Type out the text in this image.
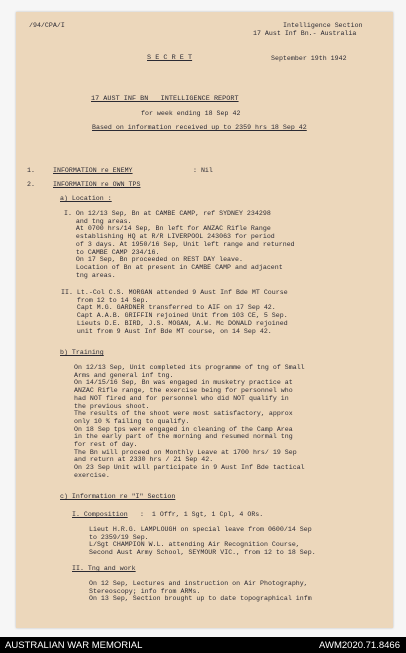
/94/CPA/I	Intelligence Section
17 Aust Inf Bn.- Australia
S E C R E T	September 19th 1942
17 AUST INF BN   INTELLIGENCE REPORT
for week ending 18 Sep 42
Based on information received up to 2359 hrs 18 Sep 42
1.	INFORMATION re ENEMY	: Nil
2.	INFORMATION re OWN TPS
a) Location :
I. On 12/13 Sep, Bn at CAMBE CAMP, ref SYDNEY 234298
and tng areas.
At 0700 hrs/14 Sep, Bn left for ANZAC Rifle Range
establishing HQ at R/R LIVERPOOL 243063 for period
of 3 days. At 1950/16 Sep, Unit left range and returned
to CAMBE CAMP 234/16.
On 17 Sep, Bn proceeded on REST DAY leave.
Location of Bn at present in CAMBE CAMP and adjacent
tng areas.
II. Lt.-Col C.S. MORGAN attended 9 Aust Inf Bde MT Course
from 12 to 14 Sep.
Capt M.G. GARDNER transferred to AIF on 17 Sep 42.
Capt A.A.B. GRIFFIN rejoined Unit from 103 CE, 5 Sep.
Lieuts D.E. BIRD, J.S. MOGAN, A.W. Mc DONALD rejoined
unit from 9 Aust Inf Bde MT course, on 14 Sep 42.
b) Training
On 12/13 Sep, Unit completed its programme of tng of Small
Arms and general inf tng.
On 14/15/16 Sep, Bn was engaged in musketry practice at
ANZAC Rifle range, the exercise being for personnel who
had NOT fired and for personnel who did NOT qualify in
the previous shoot.
The results of the shoot were most satisfactory, approx
only 10 % failing to qualify.
On 18 Sep tps were engaged in cleaning of the Camp Area
in the early part of the morning and resumed normal tng
for rest of day.
The Bn will proceed on Monthly Leave at 1700 hrs/ 19 Sep
and return at 2330 hrs / 21 Sep 42.
On 23 Sep Unit will participate in 9 Aust Inf Bde tactical
exercise.
c) Information re "I" Section
I. Composition :  1 Offr, 1 Sgt, 1 Cpl, 4 ORs.
Lieut H.R.G. LAMPLOUGH on special leave from 0600/14 Sep
to 2359/19 Sep.
L/Sgt CHAMPION W.L. attending Air Recognition Course,
Second Aust Army School, SEYMOUR VIC., from 12 to 18 Sep.
II. Tng and work
On 12 Sep, Lectures and instruction on Air Photography,
Stereoscopy; info from ARMs.
On 13 Sep, Section brought up to date topographical infm
AUSTRALIAN WAR MEMORIAL	AWM2020.71.8466
